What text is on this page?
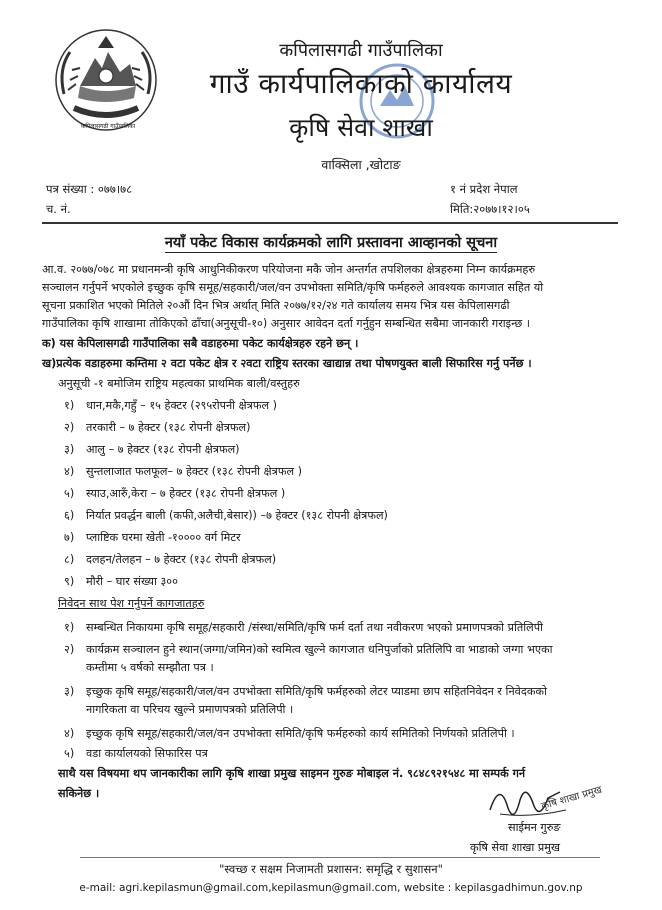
कपिलासगढी गाउँपालिका
कपिलासगढी गाउँपालिका
गाउँ कार्यपालिकाको कार्यालय
कृषि सेवा शाखा
वाक्सिला ,खोटाङ
पत्र संख्या : ०७७।७८	१ नं प्रदेश नेपाल
च. नं.	मिति:२०७७।१२।०५
नयाँ पकेट विकास कार्यक्रमको लागि प्रस्तावना आव्हानको सूचना
आ.व. २०७७/०७८ मा प्रधानमन्त्री कृषि आधुनिकीकरण परियोजना मकै जोन अन्तर्गत तपशिलका क्षेत्रहरुमा निम्न कार्यक्रमहरु
सञ्चालन गर्नुपर्ने भएकोले इच्छुक कृषि समूह/सहकारी/जल/वन उपभोक्ता समिति/कृषि फर्महरुले आवश्यक कागजात सहित यो
सूचना प्रकाशित भएको मितिले २०औं दिन भित्र अर्थात् मिति २०७७/१२/२४ गते कार्यालय समय भित्र यस केपिलासगढी
गाउँपालिका कृषि शाखामा तोकिएको ढाँचा(अनुसूची-१०) अनुसार आवेदन दर्ता गर्नुहुन सम्बन्धित सबैमा जानकारी गराइन्छ ।
क) यस केपिलासगढी गाउँपालिका सबै वडाहरुमा पकेट कार्यक्षेत्रहरु रहने छन् ।
ख)प्रत्येक वडाहरुमा कम्तिमा २ वटा पकेट क्षेत्र र २वटा राष्ट्रिय स्तरका खाद्यान्न तथा पोषणयुक्त बाली सिफारिस गर्नु पर्नेछ ।
अनुसूची -१ बमोजिम राष्ट्रिय महत्वका प्राथमिक बाली/वस्तुहरु
१) धान,मकै,गहुँ – १५ हेक्टर (२९५रोपनी क्षेत्रफल )
२) तरकारी – ७ हेक्टर (१३८ रोपनी क्षेत्रफल)
३) आलु – ७ हेक्टर (१३८ रोपनी क्षेत्रफल)
४) सुन्तलाजात फलफूल– ७ हेक्टर (१३८ रोपनी क्षेत्रफल )
५) स्याउ,आरुँ,केरा – ७ हेक्टर (१३८ रोपनी क्षेत्रफल )
६) निर्यात प्रवर्द्धन बाली (कफी,अलैची,बेसार)) –७ हेक्टर (१३८ रोपनी क्षेत्रफल)
७) प्लाष्टिक घरमा खेती -१०००० वर्ग मिटर
८) दलहन/तेलहन – ७ हेक्टर (१३८ रोपनी क्षेत्रफल)
९) मौरी – घार संख्या ३००
निवेदन साथ पेश गर्नुपर्ने कागजातहरु
१) सम्बन्धित निकायमा कृषि समूह/सहकारी /संस्था/समिति/कृषि फर्म दर्ता तथा नवीकरण भएको प्रमाणपत्रको प्रतिलिपी
२) कार्यक्रम सञ्चालन हुने स्थान(जग्गा/जमिन)को स्वमित्व खुल्ने कागजात धनिपुर्जाको प्रतिलिपि वा भाडाको जग्गा भएका
कम्तीमा ५ वर्षको सम्झौता पत्र ।
३) इच्छुक कृषि समूह/सहकारी/जल/वन उपभोक्ता समिति/कृषि फर्महरुको लेटर प्याडमा छाप सहितनिवेदन र निवेदकको
नागरिकता वा परिचय खुल्ने प्रमाणपत्रको प्रतिलिपी ।
४) इच्छुक कृषि समूह/सहकारी/जल/वन उपभोक्ता समिति/कृषि फर्महरुको कार्य समितिको निर्णयको प्रतिलिपी ।
५) वडा कार्यालयको सिफारिस पत्र
साथै यस विषयमा थप जानकारीका लागि कृषि शाखा प्रमुख साइमन गुरुङ मोबाइल नं. ९८४८९२१५४८ मा सम्पर्क गर्न
सकिनेछ ।	कृषि शाखा प्रमुख
साईमन गुरुङ
कृषि सेवा शाखा प्रमुख
"स्वच्छ र सक्षम निजामती प्रशासन: समृद्धि र सुशासन"
e-mail: agri.kepilasmun@gmail.com,kepilasmun@gmail.com, website : kepilasgadhimun.gov.np
